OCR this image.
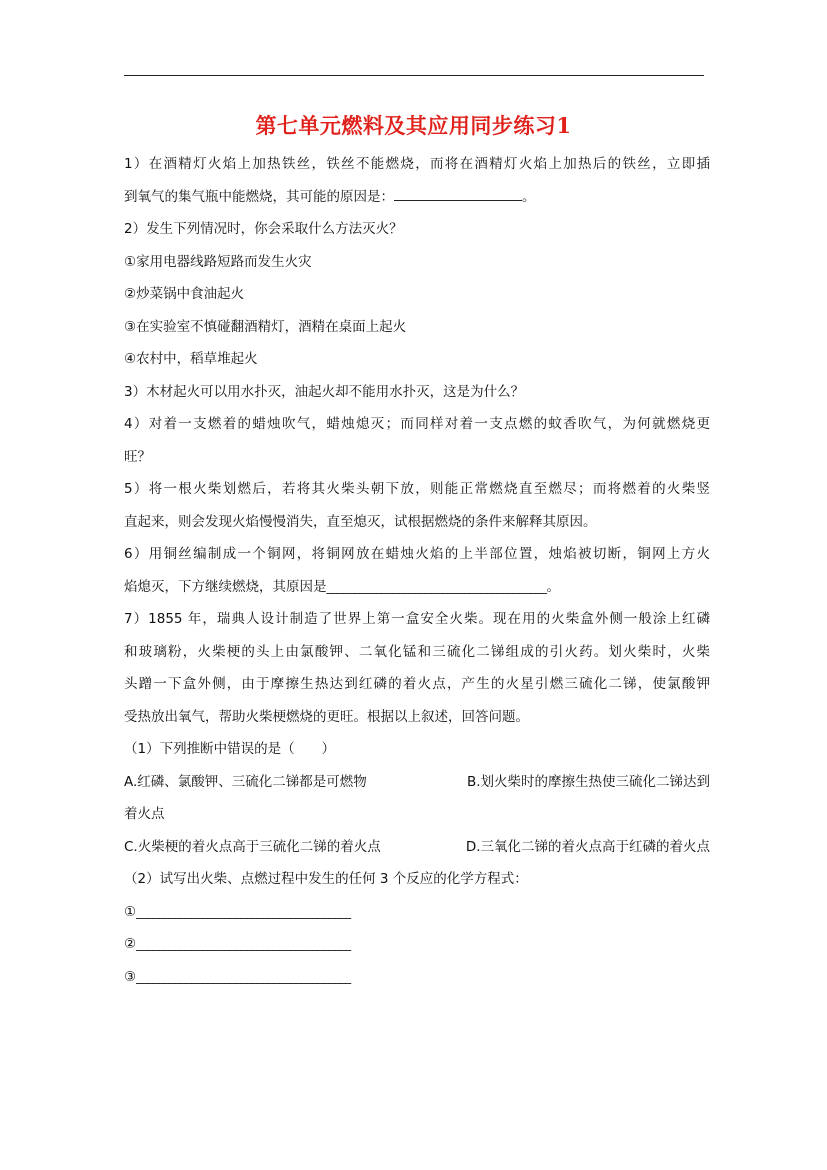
第七单元燃料及其应用同步练习1

1）在酒精灯火焰上加热铁丝，铁丝不能燃烧，而将在酒精灯火焰上加热后的铁丝，立即插

到氧气的集气瓶中能燃烧，其可能的原因是：	。

2）发生下列情况时，你会采取什么方法灭火？

①家用电器线路短路而发生火灾

②炒菜锅中食油起火

③在实验室不慎碰翻酒精灯，酒精在桌面上起火

④农村中，稻草堆起火

3）木材起火可以用水扑灭，油起火却不能用水扑灭，这是为什么？

4）对着一支燃着的蜡烛吹气，蜡烛熄灭；而同样对着一支点燃的蚊香吹气，为何就燃烧更

旺？

5）将一根火柴划燃后，若将其火柴头朝下放，则能正常燃烧直至燃尽；而将燃着的火柴竖

直起来，则会发现火焰慢慢消失，直至熄灭，试根据燃烧的条件来解释其原因。

6）用铜丝编制成一个铜网，将铜网放在蜡烛火焰的上半部位置，烛焰被切断，铜网上方火

焰熄灭，下方继续燃烧，其原因是________________________________________。

7）1855 年，瑞典人设计制造了世界上第一盒安全火柴。现在用的火柴盒外侧一般涂上红磷

和玻璃粉，火柴梗的头上由氯酸钾、二氧化锰和三硫化二锑组成的引火药。划火柴时，火柴

头蹭一下盒外侧，由于摩擦生热达到红磷的着火点，产生的火星引燃三硫化二锑，使氯酸钾

受热放出氧气，帮助火柴梗燃烧的更旺。根据以上叙述，回答问题。

（1）下列推断中错误的是（　　）

A.红磷、氯酸钾、三硫化二锑都是可燃物	B.划火柴时的摩擦生热使三硫化二锑达到

着火点

C.火柴梗的着火点高于三硫化二锑的着火点	D.三氧化二锑的着火点高于红磷的着火点

（2）试写出火柴、点燃过程中发生的任何 3 个反应的化学方程式：

①_______________________________________

②_______________________________________

③_______________________________________
